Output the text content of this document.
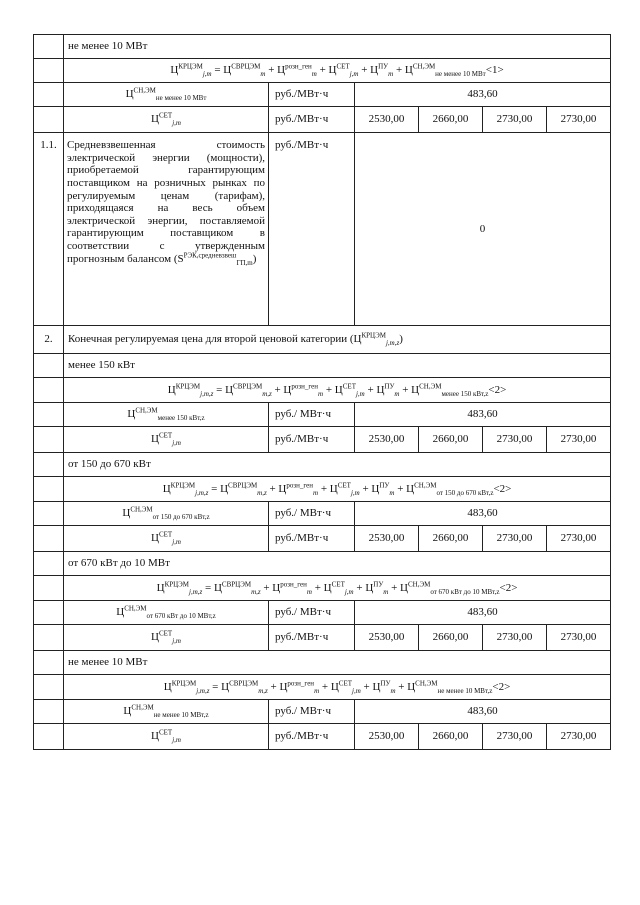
	не менее 10 МВт					
	$Ц^{КРЦЭМ}_{j,m} = Ц^{СВРЦЭМ}_m + Ц^{розн\_ген}_m + Ц^{СЕТ}_{j,m} + Ц^{ПУ}_m + Ц^{СН,ЭМ}_{не менее 10 МВт}<1>$					
	$Ц^{СН,ЭМ}_{не менее 10 МВт}$	руб./МВт·ч	483,60			
	$Ц^{СЕТ}_{j,m}$	руб./МВт·ч	2530,00	2660,00	2730,00	2730,00
1.1.	Средневзвешенная стоимость электрической энергии (мощности), приобретаемой гарантирующим поставщиком на розничных рынках по регулируемым ценам (тарифам), приходящаяся на весь объем электрической энергии, поставляемой гарантирующим поставщиком в соответствии с утвержденным прогнозным балансом $(S^{РЭК,средневзвеш}_{ГП,m})$	руб./МВт·ч	0			
2.	Конечная регулируемая цена для второй ценовой категории $(Ц^{КРЦЭМ}_{j,m,z})$					
	менее 150 кВт					
	$Ц^{КРЦЭМ}_{j,m,z} = Ц^{СВРЦЭМ}_{m,z} + Ц^{розн\_ген}_m + Ц^{СЕТ}_{j,m} + Ц^{ПУ}_m + Ц^{СН,ЭМ}_{менее 150 кВт,z}<2>$					
	$Ц^{СН,ЭМ}_{менее 150 кВт,z}$	руб./ МВт·ч	483,60			
	$Ц^{СЕТ}_{j,m}$	руб./МВт·ч	2530,00	2660,00	2730,00	2730,00
	от 150 до 670 кВт					
	$Ц^{КРЦЭМ}_{j,m,z} = Ц^{СВРЦЭМ}_{m,z} + Ц^{розн\_ген}_m + Ц^{СЕТ}_{j,m} + Ц^{ПУ}_m + Ц^{СН,ЭМ}_{от 150 до 670 кВт,z}<2>$					
	$Ц^{СН,ЭМ}_{от 150 до 670 кВт,z}$	руб./ МВт·ч	483,60			
	$Ц^{СЕТ}_{j,m}$	руб./МВт·ч	2530,00	2660,00	2730,00	2730,00
	от 670 кВт до 10 МВт					
	$Ц^{КРЦЭМ}_{j,m,z} = Ц^{СВРЦЭМ}_{m,z} + Ц^{розн\_ген}_m + Ц^{СЕТ}_{j,m} + Ц^{ПУ}_m + Ц^{СН,ЭМ}_{от 670 кВт до 10 МВт,z}<2>$					
	$Ц^{СН,ЭМ}_{от 670 кВт до 10 МВт,z}$	руб./ МВт·ч	483,60			
	$Ц^{СЕТ}_{j,m}$	руб./МВт·ч	2530,00	2660,00	2730,00	2730,00
	не менее 10 МВт					
	$Ц^{КРЦЭМ}_{j,m,z} = Ц^{СВРЦЭМ}_{m,z} + Ц^{розн\_ген}_m + Ц^{СЕТ}_{j,m} + Ц^{ПУ}_m + Ц^{СН,ЭМ}_{не менее 10 МВт,z}<2>$					
	$Ц^{СН,ЭМ}_{не менее 10 МВт,z}$	руб./ МВт·ч	483,60			
	$Ц^{СЕТ}_{j,m}$	руб./МВт·ч	2530,00	2660,00	2730,00	2730,00
